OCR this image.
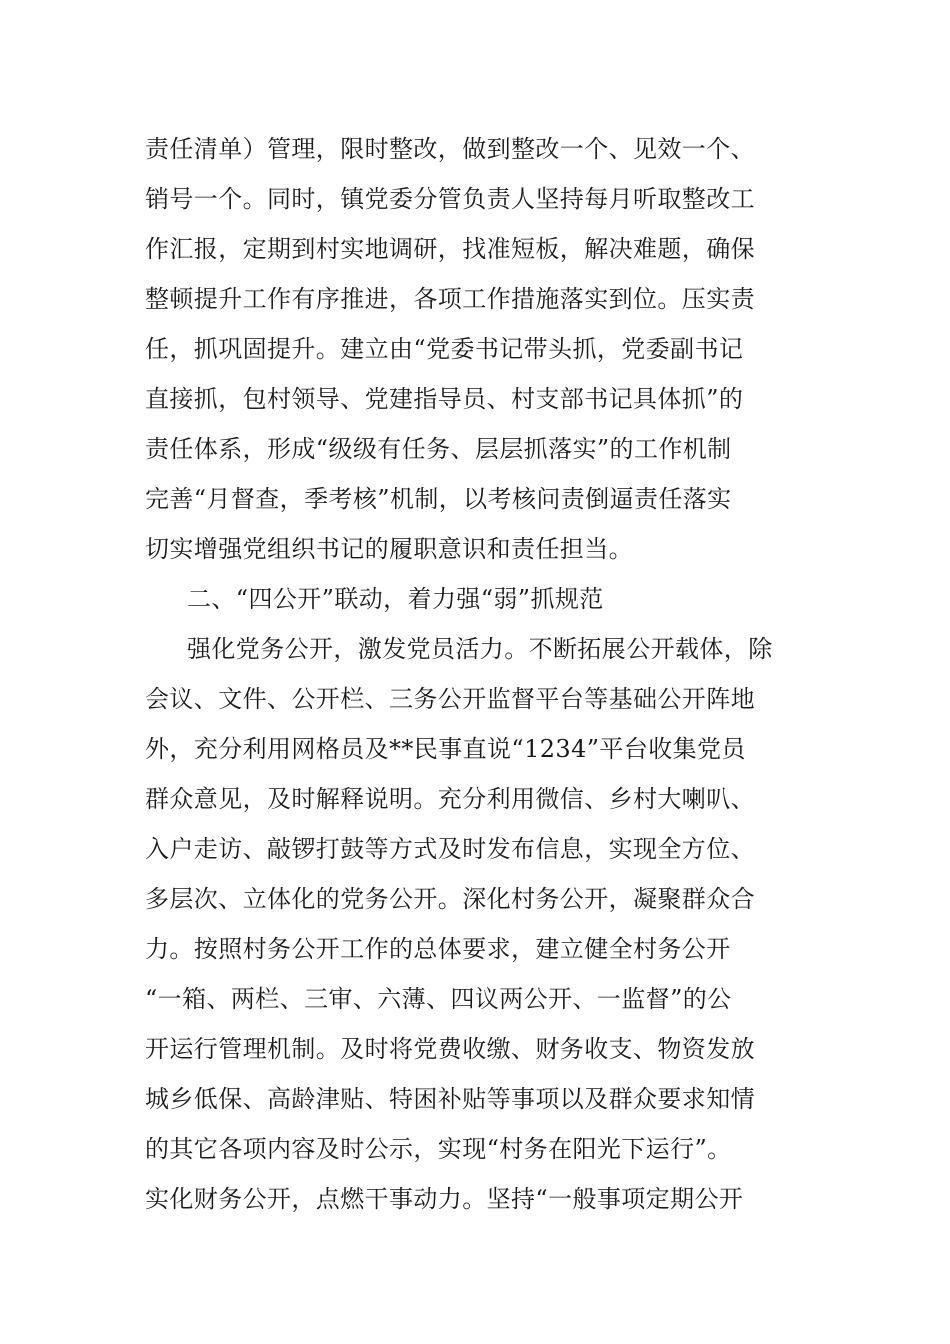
责任清单）管理，限时整改，做到整改一个、见效一个、
销号一个。同时，镇党委分管负责人坚持每月听取整改工
作汇报，定期到村实地调研，找准短板，解决难题，确保
整顿提升工作有序推进，各项工作措施落实到位。压实责
任，抓巩固提升。建立由“党委书记带头抓，党委副书记
直接抓，包村领导、党建指导员、村支部书记具体抓”的
责任体系，形成“级级有任务、层层抓落实”的工作机制
完善“月督查，季考核”机制，以考核问责倒逼责任落实
切实增强党组织书记的履职意识和责任担当。
二、“四公开”联动，着力强“弱”抓规范
强化党务公开，激发党员活力。不断拓展公开载体，除
会议、文件、公开栏、三务公开监督平台等基础公开阵地
外，充分利用网格员及**民事直说“1234”平台收集党员
群众意见，及时解释说明。充分利用微信、乡村大喇叭、
入户走访、敲锣打鼓等方式及时发布信息，实现全方位、
多层次、立体化的党务公开。深化村务公开，凝聚群众合
力。按照村务公开工作的总体要求，建立健全村务公开
“一箱、两栏、三审、六薄、四议两公开、一监督”的公
开运行管理机制。及时将党费收缴、财务收支、物资发放
城乡低保、高龄津贴、特困补贴等事项以及群众要求知情
的其它各项内容及时公示，实现“村务在阳光下运行”。
实化财务公开，点燃干事动力。坚持“一般事项定期公开
